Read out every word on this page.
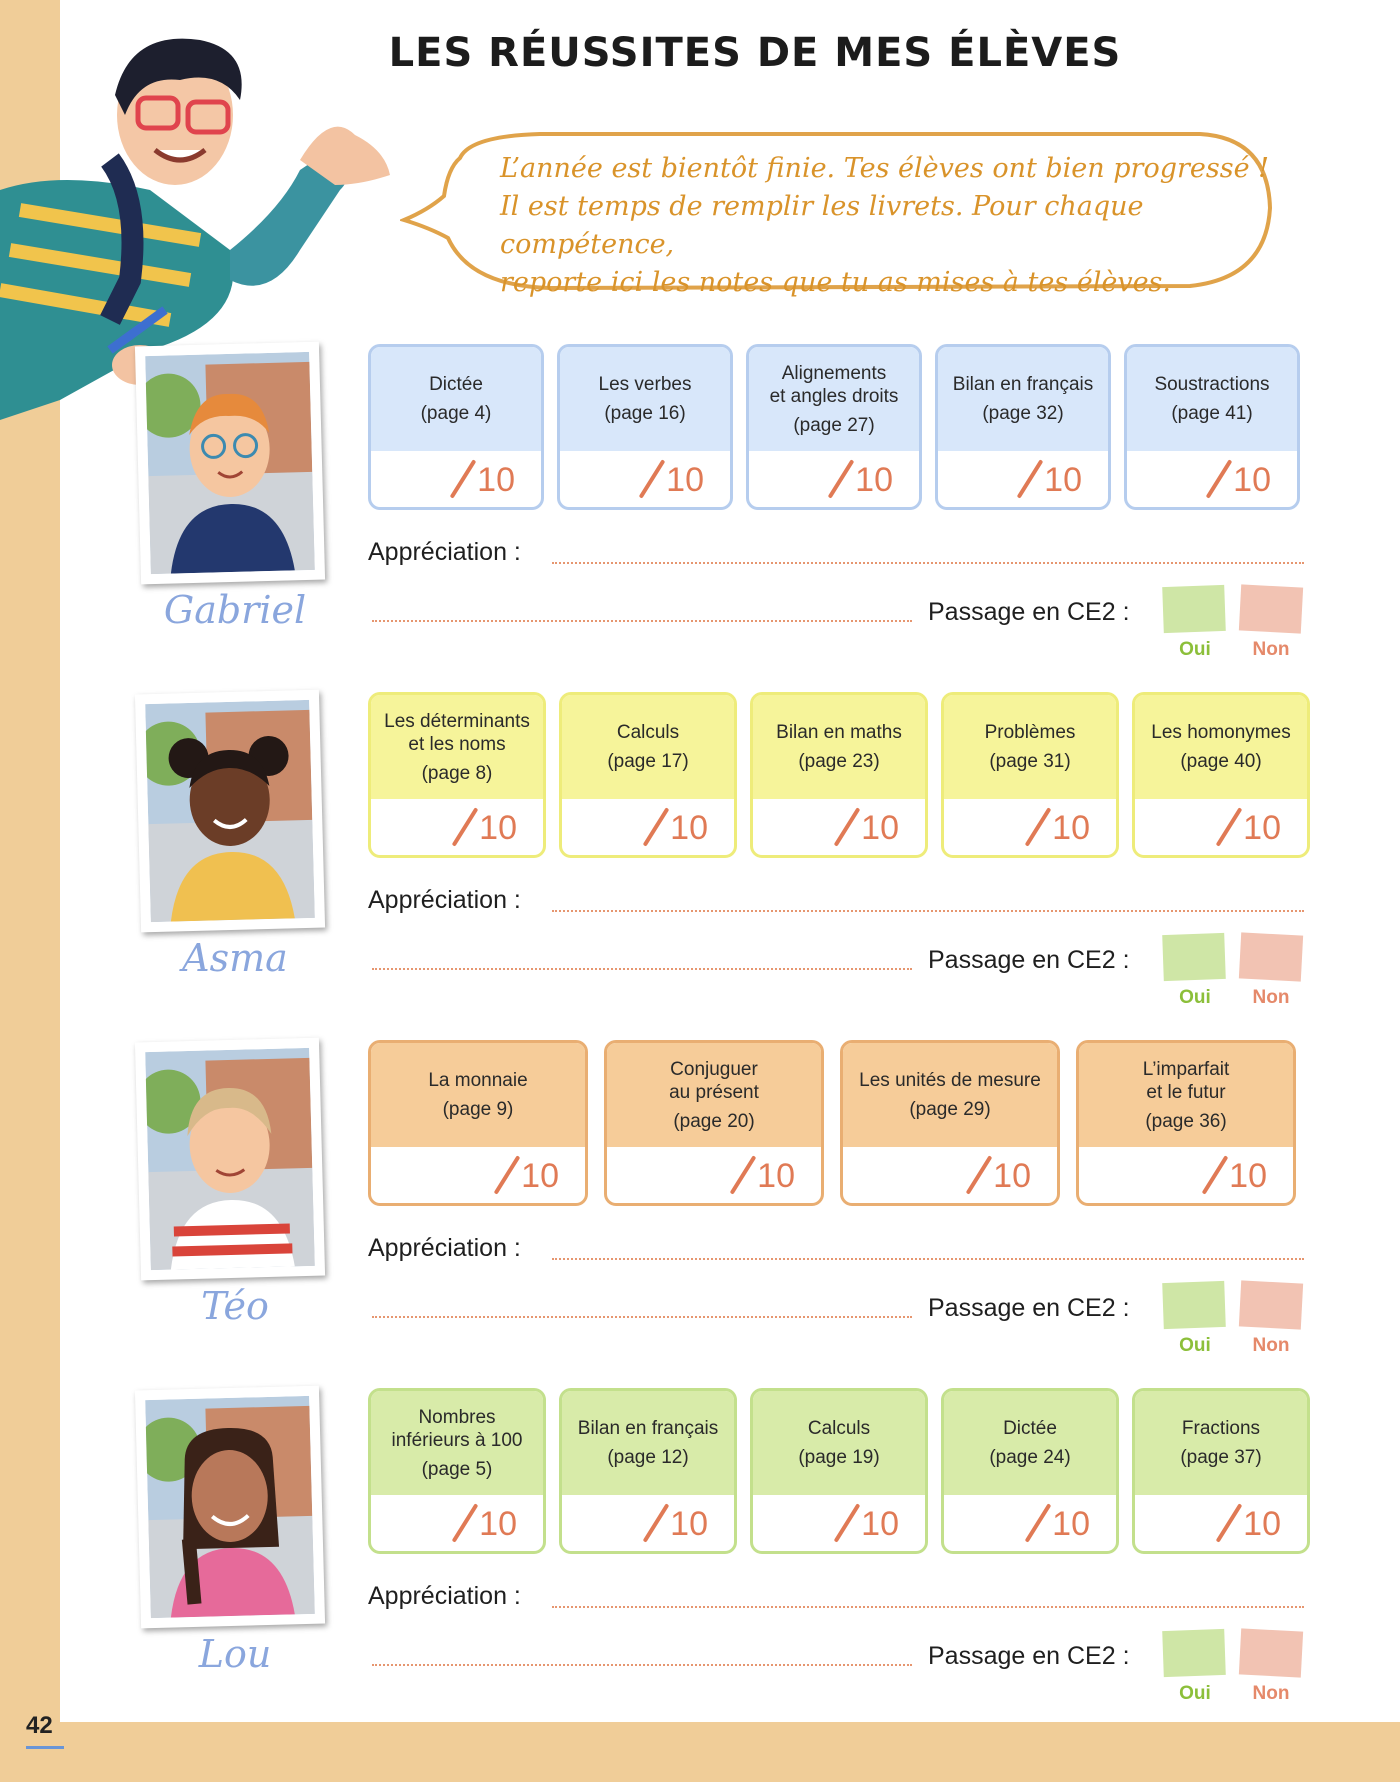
LES RÉUSSITES DE MES ÉLÈVES
L’année est bientôt finie. Tes élèves ont bien progressé !
Il est temps de remplir les livrets. Pour chaque compétence,
reporte ici les notes que tu as mises à tes élèves.
Gabriel
Dictée
(page 4)
10
Les verbes
(page 16)
10
Alignements
et angles droits
(page 27)
10
Bilan en français
(page 32)
10
Soustractions
(page 41)
10
Appréciation :
Passage en CE2 :
Oui	Non
Asma
Les déterminants
et les noms
(page 8)
10
Calculs
(page 17)
10
Bilan en maths
(page 23)
10
Problèmes
(page 31)
10
Les homonymes
(page 40)
10
Appréciation :
Passage en CE2 :
Oui	Non
Téo
La monnaie
(page 9)
10
Conjuguer
au présent
(page 20)
10
Les unités de mesure
(page 29)
10
L’imparfait
et le futur
(page 36)
10
Appréciation :
Passage en CE2 :
Oui	Non
Lou
Nombres
inférieurs à 100
(page 5)
10
Bilan en français
(page 12)
10
Calculs
(page 19)
10
Dictée
(page 24)
10
Fractions
(page 37)
10
Appréciation :
Passage en CE2 :
Oui	Non
42
